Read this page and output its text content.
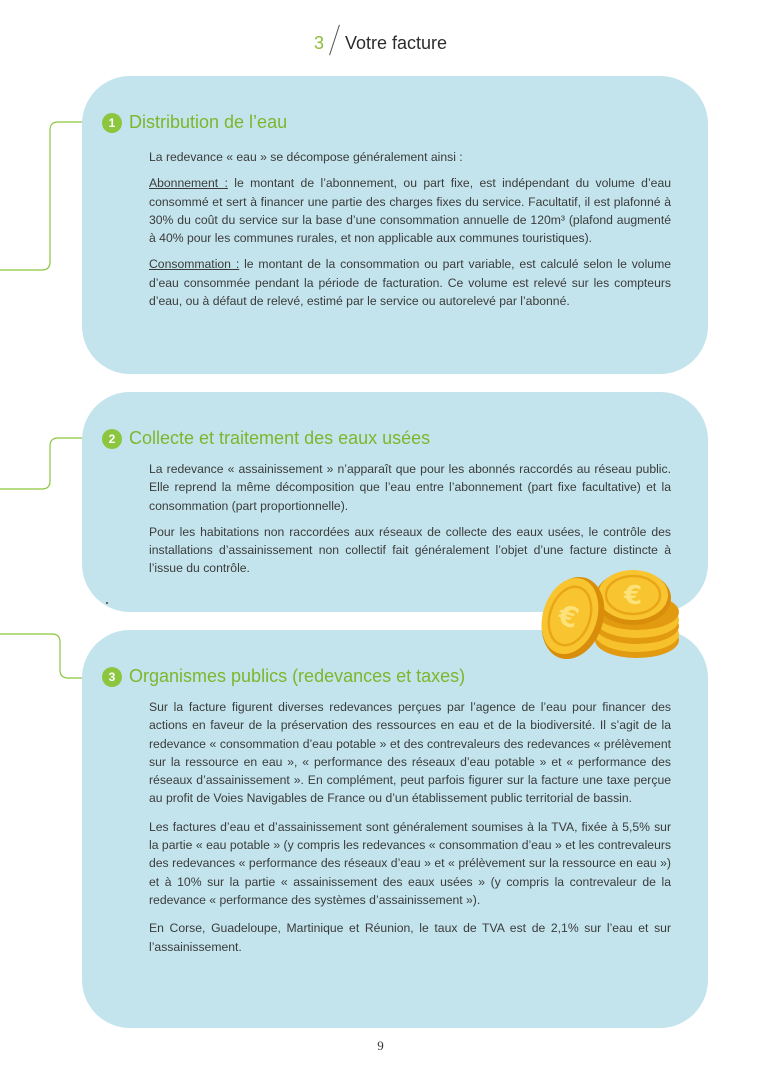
3 Votre facture
1 Distribution de l’eau

La redevance « eau » se décompose généralement ainsi :

Abonnement : le montant de l’abonnement, ou part fixe, est indépendant du volume d’eau consommé et sert à financer une partie des charges fixes du service. Facultatif, il est plafonné à 30% du coût du service sur la base d’une consommation annuelle de 120m³ (plafond augmenté à 40% pour les communes rurales, et non applicable aux communes touristiques).

Consommation : le montant de la consommation ou part variable, est calculé selon le volume d’eau consommée pendant la période de facturation. Ce volume est relevé sur les compteurs d’eau, ou à défaut de relevé, estimé par le service ou autorelevé par l’abonné.

2 Collecte et traitement des eaux usées

La redevance « assainissement » n’apparaît que pour les abonnés raccordés au réseau public. Elle reprend la même décomposition que l’eau entre l’abonnement (part fixe facultative) et la consommation (part proportionnelle).

Pour les habitations non raccordées aux réseaux de collecte des eaux usées, le contrôle des installations d’assainissement non collectif fait généralement l’objet d’une facture distincte à l’issue du contrôle.

3 Organismes publics (redevances et taxes)

Sur la facture figurent diverses redevances perçues par l’agence de l’eau pour financer des actions en faveur de la préservation des ressources en eau et de la biodiversité. Il s’agit de la redevance « consommation d’eau potable » et des contrevaleurs des redevances « prélèvement sur la ressource en eau », « performance des réseaux d’eau potable » et « performance des réseaux d’assainissement ». En complément, peut parfois figurer sur la facture une taxe perçue au profit de Voies Navigables de France ou d’un établissement public territorial de bassin.

Les factures d’eau et d’assainissement sont généralement soumises à la TVA, fixée à 5,5% sur la partie « eau potable » (y compris les redevances « consommation d’eau » et les contrevaleurs des redevances « performance des réseaux d’eau » et « prélèvement sur la ressource en eau ») et à 10% sur la partie « assainissement des eaux usées » (y compris la contrevaleur de la redevance « performance des systèmes d’assainissement »).

En Corse, Guadeloupe, Martinique et Réunion, le taux de TVA est de 2,1% sur l’eau et sur l’assainissement.

€
€
9
